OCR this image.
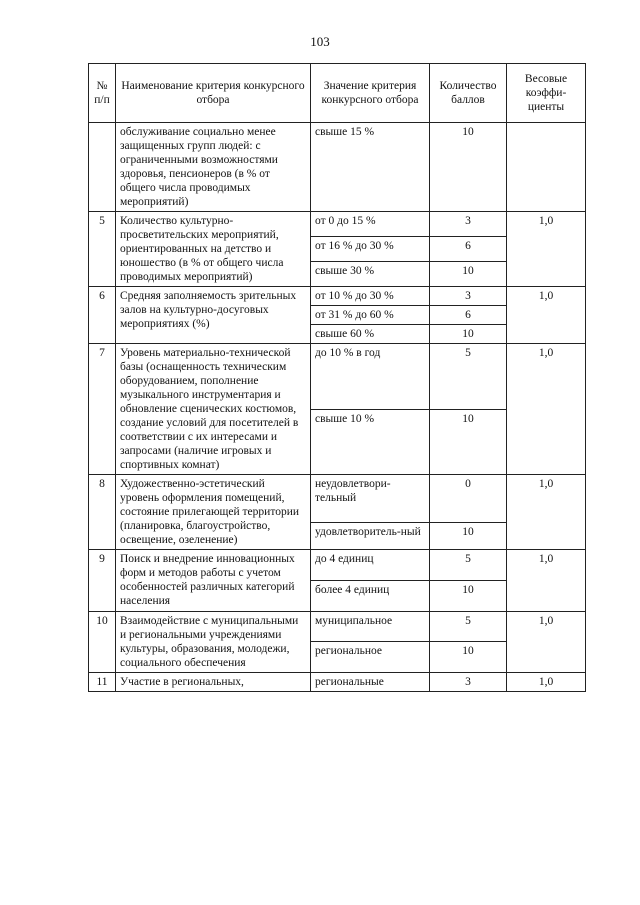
103
№ п/п	Наименование критерия конкурсного отбора	Значение критерия конкурсного отбора	Количество баллов	Весовые коэффи-циенты
	обслуживание социально менее защищенных групп людей: с ограниченными возможностями здоровья, пенсионеров (в % от общего числа проводимых мероприятий)	свыше 15 %	10	
5	Количество культурно-просветительских мероприятий, ориентированных на детство и юношество (в % от общего числа проводимых мероприятий)	от 0 до 15 %	3	1,0
		от 16 % до 30 %	6	
		свыше 30 %	10	
6	Средняя заполняемость зрительных залов на культурно-досуговых мероприятиях (%)	от 10 % до 30 %	3	1,0
		от 31 % до 60 %	6	
		свыше 60 %	10	
7	Уровень материально-технической базы (оснащенность техническим оборудованием, пополнение музыкального инструментария и обновление сценических костюмов, создание условий для посетителей в соответствии с их интересами и запросами (наличие игровых и спортивных комнат)	до 10 % в год	5	1,0
		свыше 10 %	10	
8	Художественно-эстетический уровень оформления помещений, состояние прилегающей территории (планировка, благоустройство, освещение, озеленение)	неудовлетвори-тельный	0	1,0
		удовлетворитель-ный	10	
9	Поиск и внедрение инновационных форм и методов работы с учетом особенностей различных категорий населения	до 4 единиц	5	1,0
		более 4 единиц	10	
10	Взаимодействие с муниципальными и региональными учреждениями культуры, образования, молодежи, социального обеспечения	муниципальное	5	1,0
		региональное	10	
11	Участие в региональных,	региональные	3	1,0
